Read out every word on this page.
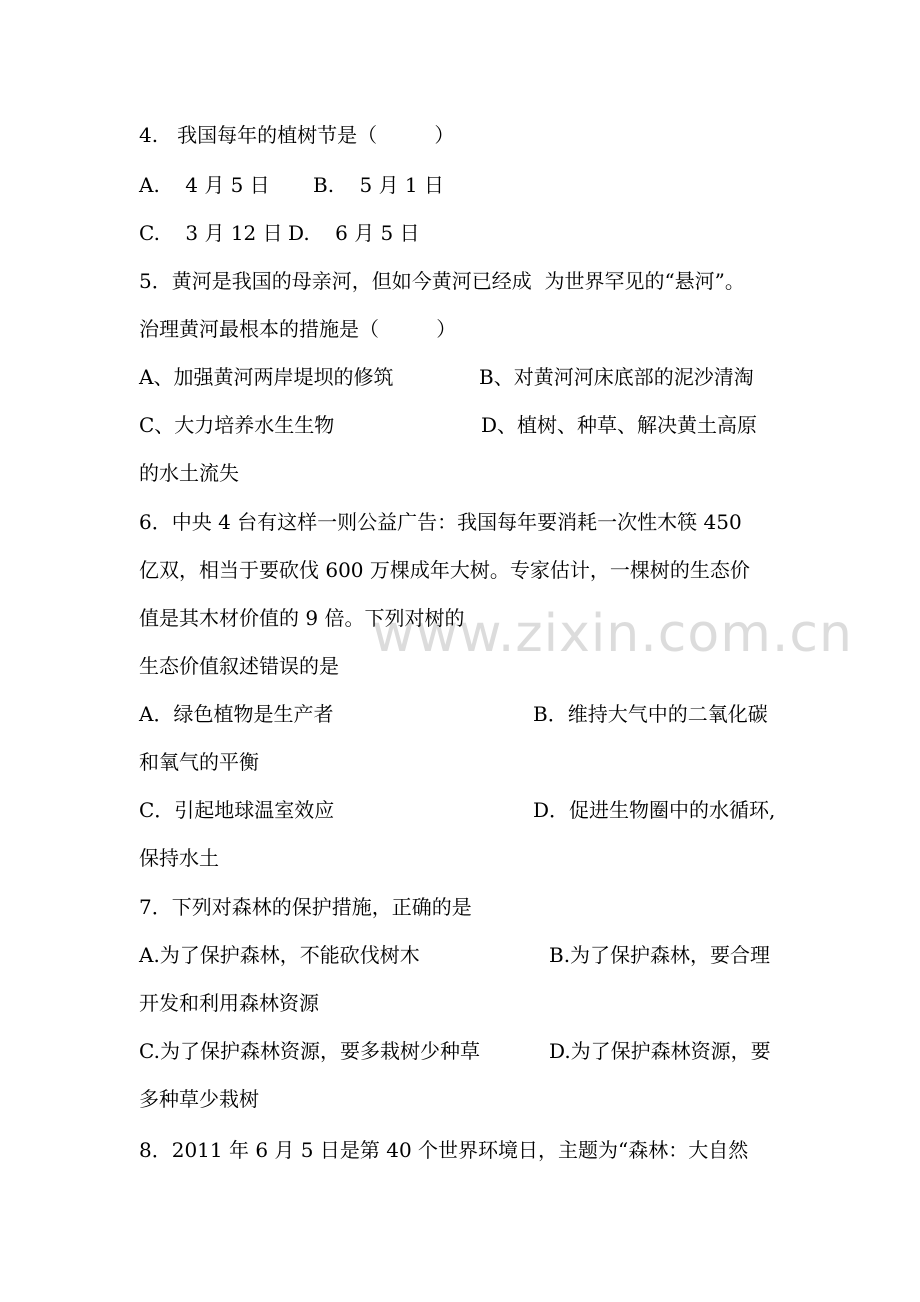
www.zixin.com.cn
4.   我国每年的植树节是（         ）
A.    4 月 5 日 B.    5 月 1 日
C.    3 月 12 日 D.    6 月 5 日
5．黄河是我国的母亲河，但如今黄河已经成  为世界罕见的“悬河”。
治理黄河最根本的措施是（         ）
A、加强黄河两岸堤坝的修筑	B、对黄河河床底部的泥沙清淘
C、大力培养水生生物	D、植树、种草、解决黄土高原
的水土流失
6．中央 4 台有这样一则公益广告：我国每年要消耗一次性木筷 450
亿双，相当于要砍伐 600 万棵成年大树。专家估计，一棵树的生态价
值是其木材价值的 9 倍。下列对树的
生态价值叙述错误的是
A．绿色植物是生产者	B．维持大气中的二氧化碳
和氧气的平衡
C．引起地球温室效应	D．促进生物圈中的水循环,
保持水土
7．下列对森林的保护措施，正确的是
A.为了保护森林，不能砍伐树木	B.为了保护森林，要合理
开发和利用森林资源
C.为了保护森林资源，要多栽树少种草	D.为了保护森林资源，要
多种草少栽树
8．2011 年 6 月 5 日是第 40 个世界环境日，主题为“森林：大自然
